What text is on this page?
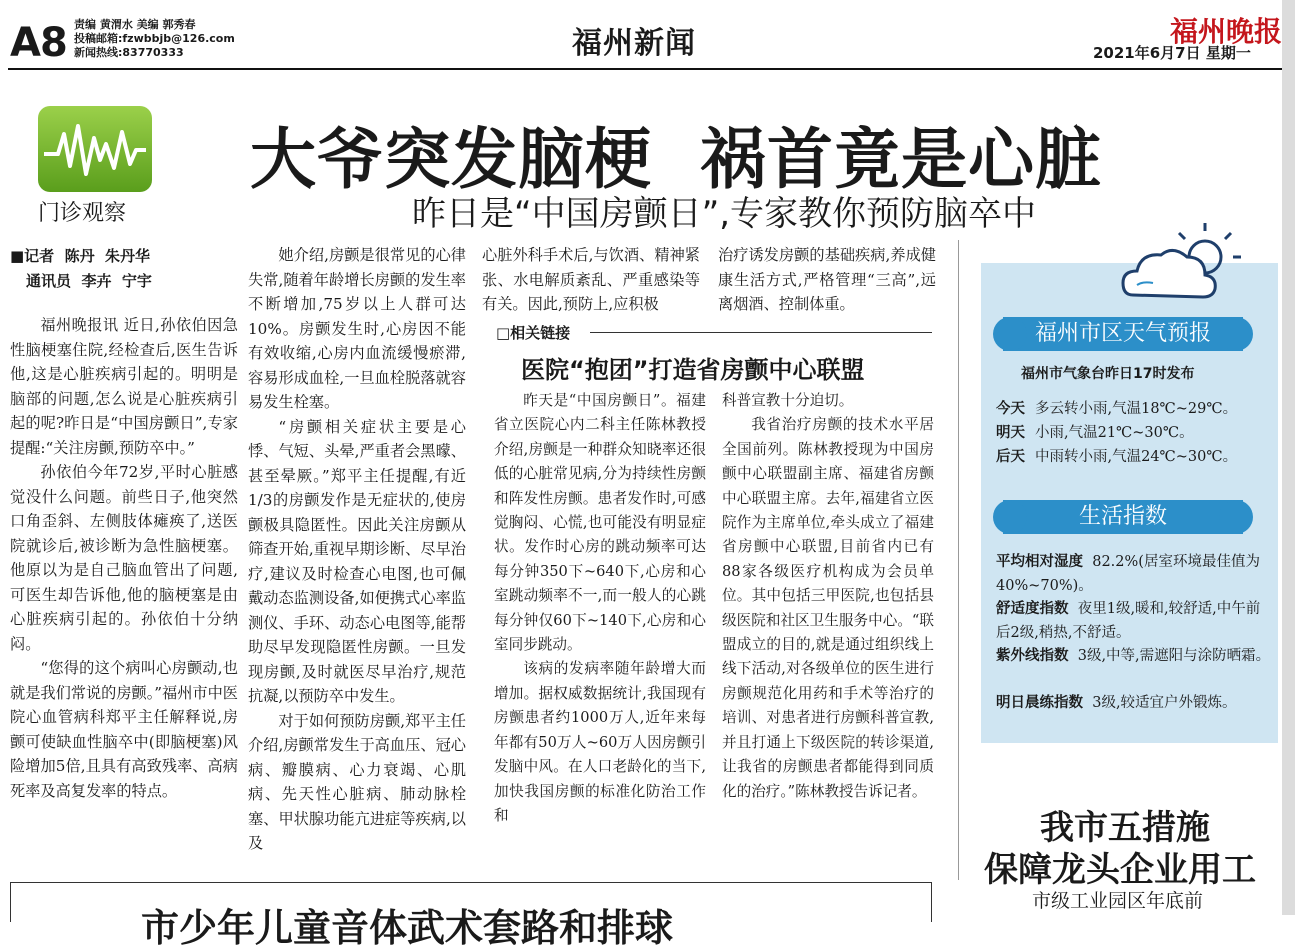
A8 责编 黄渭水 美编 郭秀春
投稿邮箱:fzwbbjb@126.com
新闻热线:83770333	福州新闻	福州晚报
2021年6月7日 星期一
门诊观察
大爷突发脑梗  祸首竟是心脏
昨日是“中国房颤日”,专家教你预防脑卒中
■记者  陈丹  朱丹华
通讯员  李卉  宁宇

福州晚报讯 近日,孙依伯因急性脑梗塞住院,经检查后,医生告诉他,这是心脏疾病引起的。明明是脑部的问题,怎么说是心脏疾病引起的呢?昨日是“中国房颤日”,专家提醒:“关注房颤,预防卒中。”

孙依伯今年72岁,平时心脏感觉没什么问题。前些日子,他突然口角歪斜、左侧肢体瘫痪了,送医院就诊后,被诊断为急性脑梗塞。他原以为是自己脑血管出了问题,可医生却告诉他,他的脑梗塞是由心脏疾病引起的。孙依伯十分纳闷。

“您得的这个病叫心房颤动,也就是我们常说的房颤。”福州市中医院心血管病科郑平主任解释说,房颤可使缺血性脑卒中(即脑梗塞)风险增加5倍,且具有高致残率、高病死率及高复发率的特点。

她介绍,房颤是很常见的心律失常,随着年龄增长房颤的发生率不断增加,75岁以上人群可达10%。房颤发生时,心房因不能有效收缩,心房内血流缓慢瘀滞,容易形成血栓,一旦血栓脱落就容易发生栓塞。

“房颤相关症状主要是心悸、气短、头晕,严重者会黑曚、甚至晕厥。”郑平主任提醒,有近1/3的房颤发作是无症状的,使房颤极具隐匿性。因此关注房颤从筛查开始,重视早期诊断、尽早治疗,建议及时检查心电图,也可佩戴动态监测设备,如便携式心率监测仪、手环、动态心电图等,能帮助尽早发现隐匿性房颤。一旦发现房颤,及时就医尽早治疗,规范抗凝,以预防卒中发生。

对于如何预防房颤,郑平主任介绍,房颤常发生于高血压、冠心病、瓣膜病、心力衰竭、心肌病、先天性心脏病、肺动脉栓塞、甲状腺功能亢进症等疾病,以及

心脏外科手术后,与饮酒、精神紧张、水电解质紊乱、严重感染等有关。因此,预防上,应积极

治疗诱发房颤的基础疾病,养成健康生活方式,严格管理“三高”,远离烟酒、控制体重。

□相关链接
医院“抱团”打造省房颤中心联盟

昨天是“中国房颤日”。福建省立医院心内二科主任陈林教授介绍,房颤是一种群众知晓率还很低的心脏常见病,分为持续性房颤和阵发性房颤。患者发作时,可感觉胸闷、心慌,也可能没有明显症状。发作时心房的跳动频率可达每分钟350下~640下,心房和心室跳动频率不一,而一般人的心跳每分钟仅60下~140下,心房和心室同步跳动。

该病的发病率随年龄增大而增加。据权威数据统计,我国现有房颤患者约1000万人,近年来每年都有50万人~60万人因房颤引发脑中风。在人口老龄化的当下,加快我国房颤的标准化防治工作和

科普宣教十分迫切。

我省治疗房颤的技术水平居全国前列。陈林教授现为中国房颤中心联盟副主席、福建省房颤中心联盟主席。去年,福建省立医院作为主席单位,牵头成立了福建省房颤中心联盟,目前省内已有88家各级医疗机构成为会员单位。其中包括三甲医院,也包括县级医院和社区卫生服务中心。“联盟成立的目的,就是通过组织线上线下活动,对各级单位的医生进行房颤规范化用药和手术等治疗的培训、对患者进行房颤科普宣教,并且打通上下级医院的转诊渠道,让我省的房颤患者都能得到同质化的治疗。”陈林教授告诉记者。

福州市区天气预报
福州市气象台昨日17时发布
今天 多云转小雨,气温18℃~29℃。
明天 小雨,气温21℃~30℃。
后天 中雨转小雨,气温24℃~30℃。
生活指数
平均相对湿度 82.2%(居室环境最佳值为40%~70%)。
舒适度指数 夜里1级,暖和,较舒适,中午前后2级,稍热,不舒适。
紫外线指数 3级,中等,需遮阳与涂防晒霜。
明日晨练指数 3级,较适宜户外锻炼。
我市五措施
保障龙头企业用工
市级工业园区年底前
市少年儿童音体武术套路和排球
